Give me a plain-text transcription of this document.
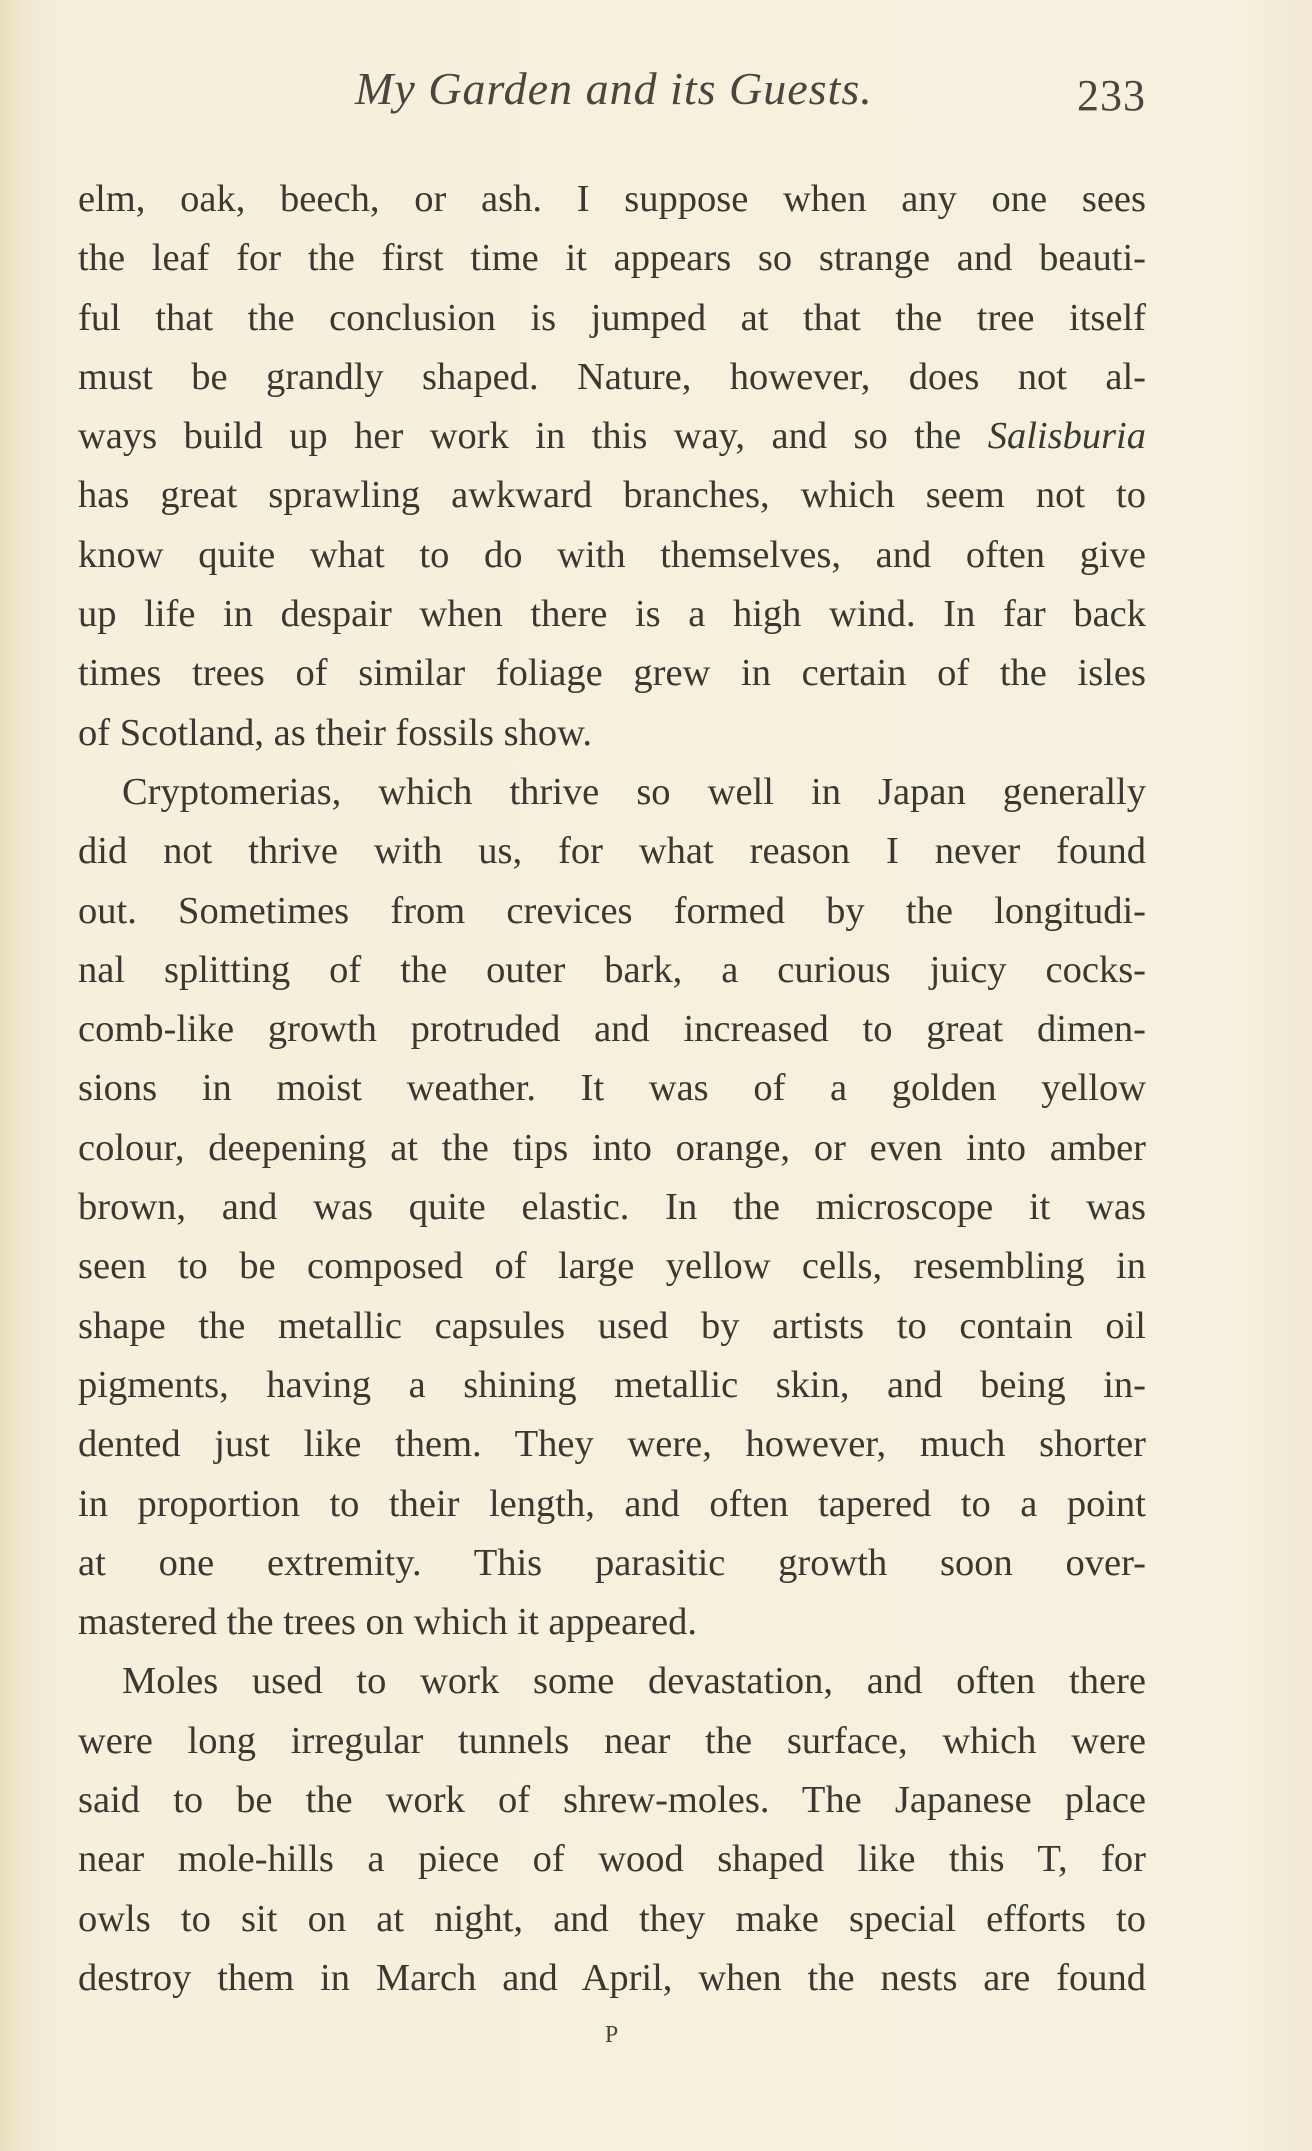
My Garden and its Guests.	233
elm, oak, beech, or ash. I suppose when any one sees
the leaf for the first time it appears so strange and beauti-
ful that the conclusion is jumped at that the tree itself
must be grandly shaped. Nature, however, does not al-
ways build up her work in this way, and so the Salisburia
has great sprawling awkward branches, which seem not to
know quite what to do with themselves, and often give
up life in despair when there is a high wind. In far back
times trees of similar foliage grew in certain of the isles
of Scotland, as their fossils show.
Cryptomerias, which thrive so well in Japan generally
did not thrive with us, for what reason I never found
out. Sometimes from crevices formed by the longitudi-
nal splitting of the outer bark, a curious juicy cocks-
comb-like growth protruded and increased to great dimen-
sions in moist weather. It was of a golden yellow
colour, deepening at the tips into orange, or even into amber
brown, and was quite elastic. In the microscope it was
seen to be composed of large yellow cells, resembling in
shape the metallic capsules used by artists to contain oil
pigments, having a shining metallic skin, and being in-
dented just like them. They were, however, much shorter
in proportion to their length, and often tapered to a point
at one extremity. This parasitic growth soon over-
mastered the trees on which it appeared.
Moles used to work some devastation, and often there
were long irregular tunnels near the surface, which were
said to be the work of shrew-moles. The Japanese place
near mole-hills a piece of wood shaped like this T, for
owls to sit on at night, and they make special efforts to
destroy them in March and April, when the nests are found
P
